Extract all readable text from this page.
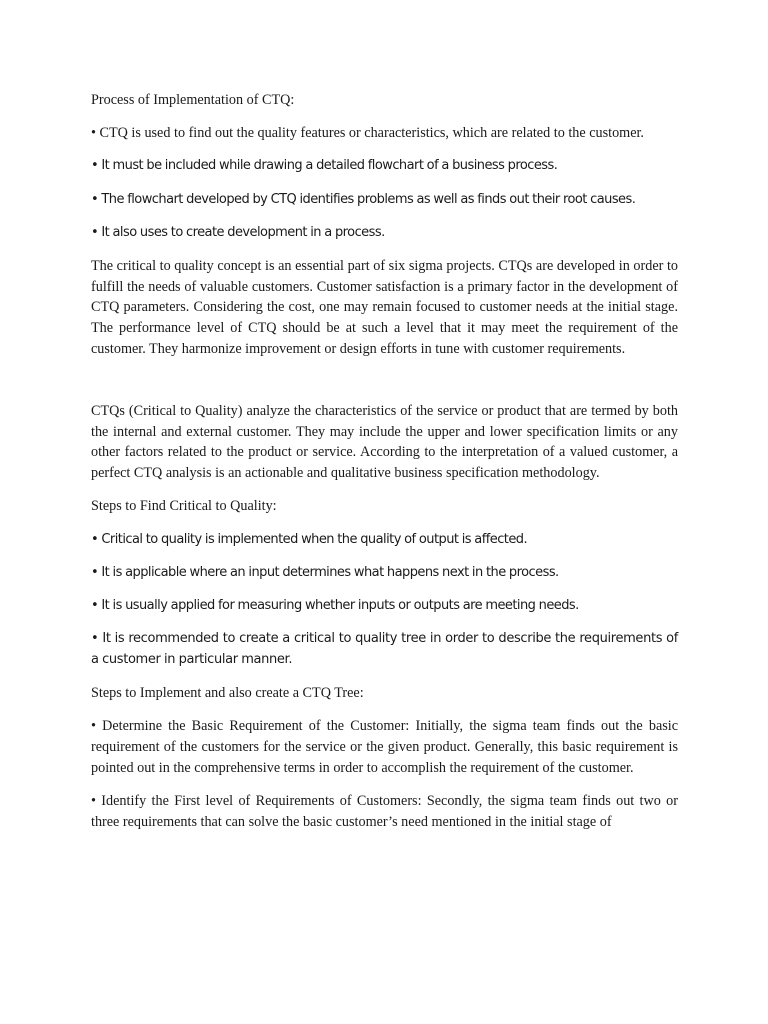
Process of Implementation of CTQ:

• CTQ is used to find out the quality features or characteristics, which are related to the customer.

• It must be included while drawing a detailed flowchart of a business process.

• The flowchart developed by CTQ identifies problems as well as finds out their root causes.

• It also uses to create development in a process.

The critical to quality concept is an essential part of six sigma projects. CTQs are developed in order to fulfill the needs of valuable customers. Customer satisfaction is a primary factor in the development of CTQ parameters. Considering the cost, one may remain focused to customer needs at the initial stage. The performance level of CTQ should be at such a level that it may meet the requirement of the customer. They harmonize improvement or design efforts in tune with customer requirements.

CTQs (Critical to Quality) analyze the characteristics of the service or product that are termed by both the internal and external customer. They may include the upper and lower specification limits or any other factors related to the product or service. According to the interpretation of a valued customer, a perfect CTQ analysis is an actionable and qualitative business specification methodology.

Steps to Find Critical to Quality:

• Critical to quality is implemented when the quality of output is affected.

• It is applicable where an input determines what happens next in the process.

• It is usually applied for measuring whether inputs or outputs are meeting needs.

• It is recommended to create a critical to quality tree in order to describe the requirements of a customer in particular manner.

Steps to Implement and also create a CTQ Tree:

• Determine the Basic Requirement of the Customer: Initially, the sigma team finds out the basic requirement of the customers for the service or the given product. Generally, this basic requirement is pointed out in the comprehensive terms in order to accomplish the requirement of the customer.

• Identify the First level of Requirements of Customers: Secondly, the sigma team finds out two or three requirements that can solve the basic customer’s need mentioned in the initial stage of
